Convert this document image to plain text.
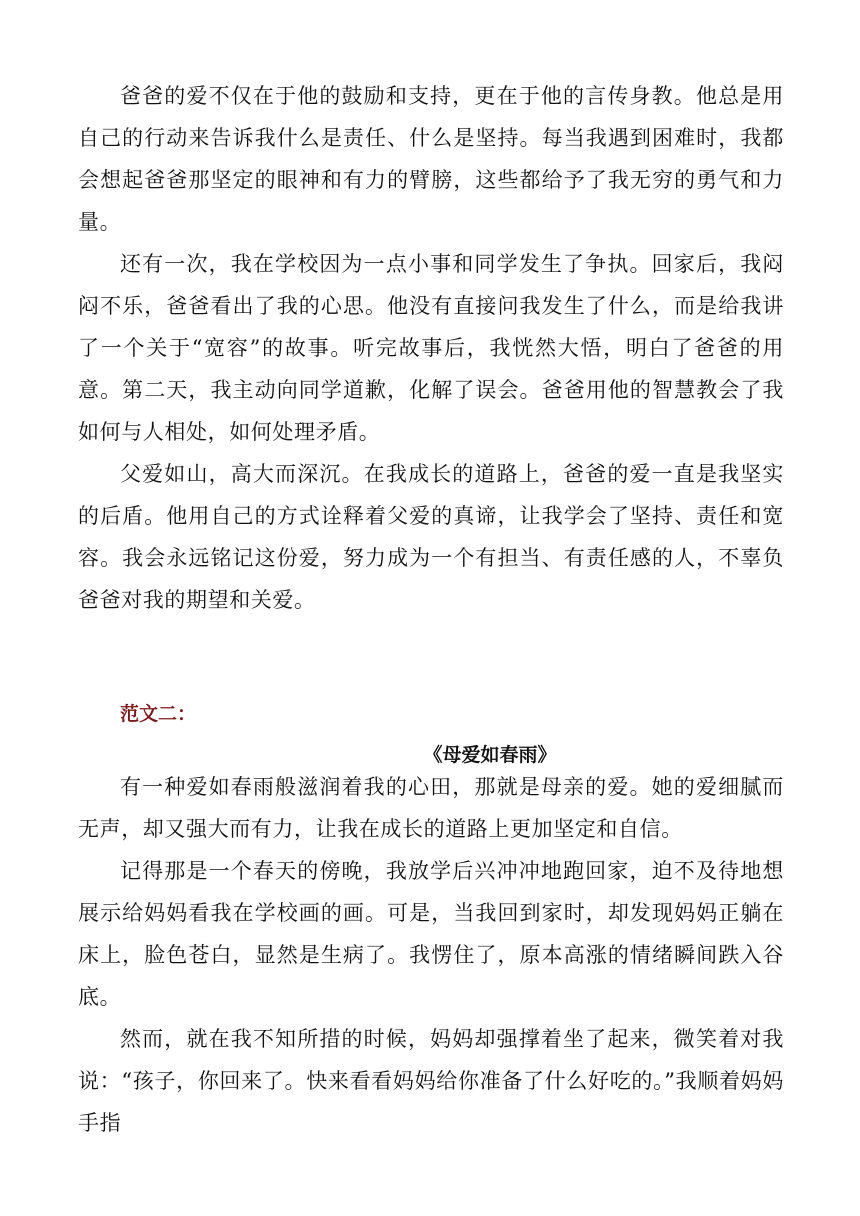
爸爸的爱不仅在于他的鼓励和支持，更在于他的言传身教。他总是用自己的行动来告诉我什么是责任、什么是坚持。每当我遇到困难时，我都会想起爸爸那坚定的眼神和有力的臂膀，这些都给予了我无穷的勇气和力量。

还有一次，我在学校因为一点小事和同学发生了争执。回家后，我闷闷不乐，爸爸看出了我的心思。他没有直接问我发生了什么，而是给我讲了一个关于“宽容”的故事。听完故事后，我恍然大悟，明白了爸爸的用意。第二天，我主动向同学道歉，化解了误会。爸爸用他的智慧教会了我如何与人相处，如何处理矛盾。

父爱如山，高大而深沉。在我成长的道路上，爸爸的爱一直是我坚实的后盾。他用自己的方式诠释着父爱的真谛，让我学会了坚持、责任和宽容。我会永远铭记这份爱，努力成为一个有担当、有责任感的人，不辜负爸爸对我的期望和关爱。

范文二：
《母爱如春雨》

有一种爱如春雨般滋润着我的心田，那就是母亲的爱。她的爱细腻而无声，却又强大而有力，让我在成长的道路上更加坚定和自信。

记得那是一个春天的傍晚，我放学后兴冲冲地跑回家，迫不及待地想展示给妈妈看我在学校画的画。可是，当我回到家时，却发现妈妈正躺在床上，脸色苍白，显然是生病了。我愣住了，原本高涨的情绪瞬间跌入谷底。

然而，就在我不知所措的时候，妈妈却强撑着坐了起来，微笑着对我说：“孩子，你回来了。快来看看妈妈给你准备了什么好吃的。”我顺着妈妈手指
